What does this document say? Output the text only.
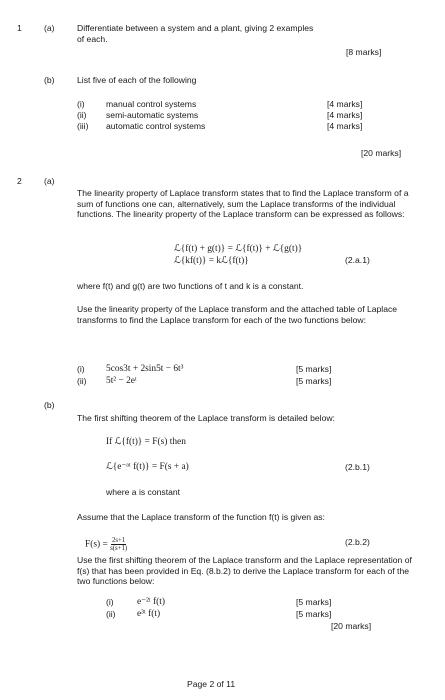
1	(a)	Differentiate between a system and a plant, giving 2 examples
of each.
[8 marks]
(b)	List five of each of the following
(i) manual control systems	[4 marks]
(ii) semi-automatic systems	[4 marks]
(iii) automatic control systems	[4 marks]
[20 marks]
2	(a)
The linearity property of Laplace transform states that to find the Laplace transform of a sum of functions one can, alternatively, sum the Laplace transforms of the individual functions. The linearity property of the Laplace transform can be expressed as follows:
ℒ{f(t) + g(t)} = ℒ{f(t)} + ℒ{g(t)}
ℒ{kf(t)} = kℒ{f(t)}	(2.a.1)
where f(t) and g(t) are two functions of t and k is a constant.
Use the linearity property of the Laplace transform and the attached table of Laplace transforms to find the Laplace transform for each of the two functions below:
(i) 5cos3t + 2sin5t − 6t³	[5 marks]
(ii) 5t² − 2eᵗ	[5 marks]
(b)
The first shifting theorem of the Laplace transform is detailed below:
If ℒ{f(t)} = F(s) then
ℒ{e⁻ᵃᵗ f(t)} = F(s + a)	(2.b.1)
where a is constant
Assume that the Laplace transform of the function f(t) is given as:
$F(s) = \frac{2s+1}{s(s+1)}$	(2.b.2)
Use the first shifting theorem of the Laplace transform and the Laplace representation of f(s) that has been provided in Eq. (8.b.2) to derive the Laplace transform for each of the two functions below:
(i) e⁻²ᵗ f(t)	[5 marks]
(ii) e³ᵗ f(t)	[5 marks]
[20 marks]
Page 2 of 11
